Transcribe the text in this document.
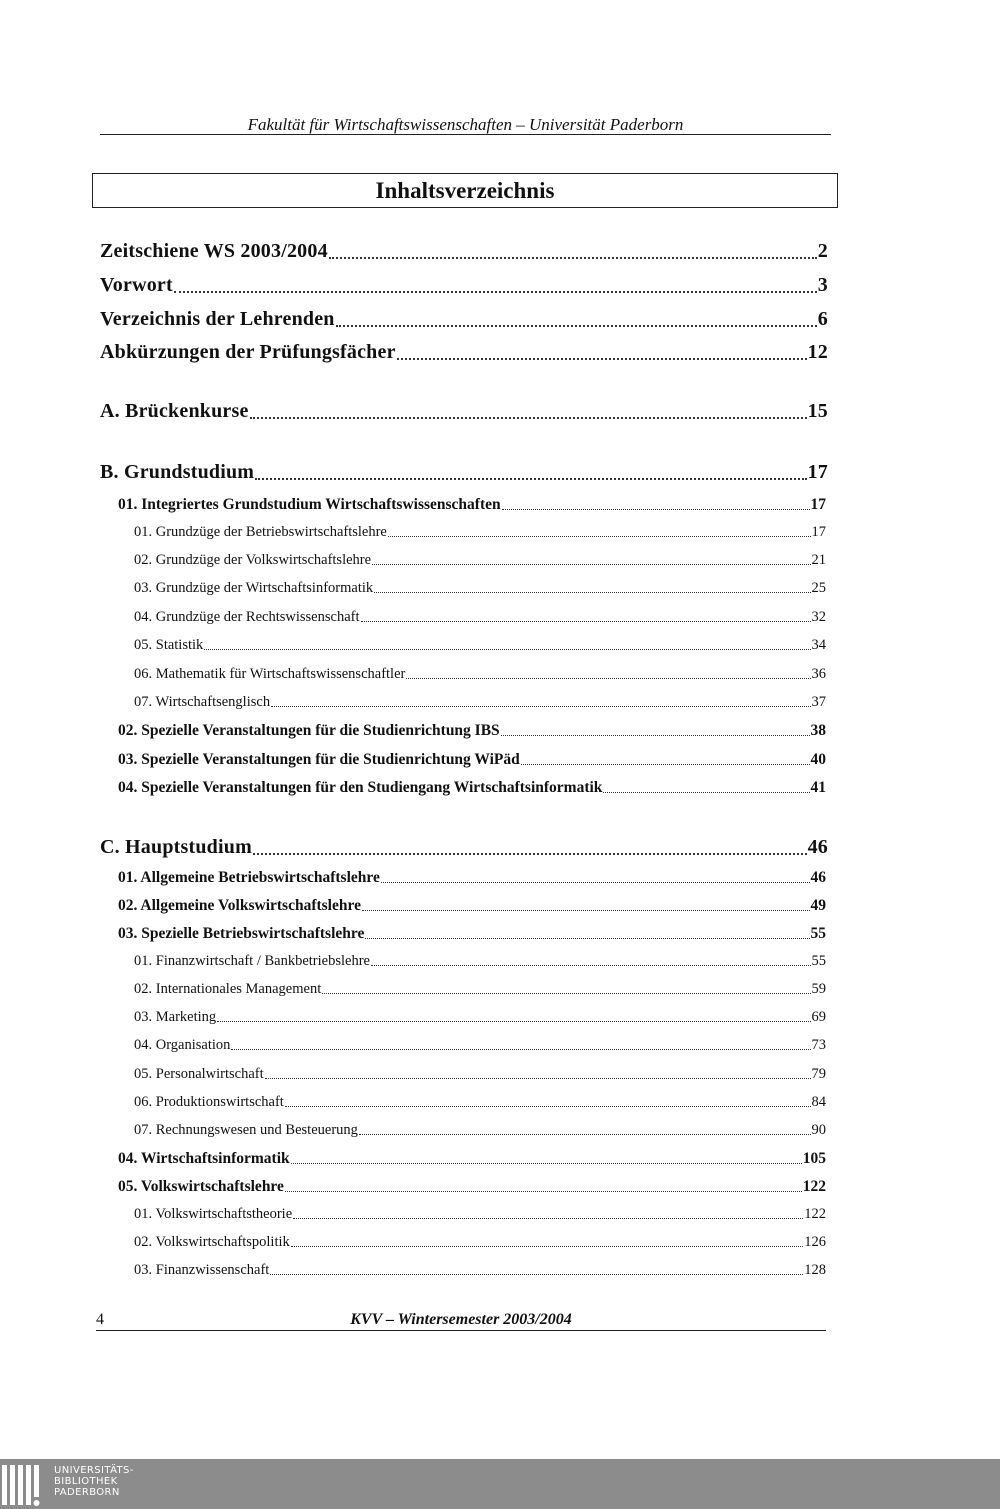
Fakultät für Wirtschaftswissenschaften – Universität Paderborn
Inhaltsverzeichnis
Zeitschiene WS 2003/2004	2
Vorwort	3
Verzeichnis der Lehrenden	6
Abkürzungen der Prüfungsfächer	12
A. Brückenkurse	15
B. Grundstudium	17
01. Integriertes Grundstudium Wirtschaftswissenschaften	17
01. Grundzüge der Betriebswirtschaftslehre	17
02. Grundzüge der Volkswirtschaftslehre	21
03. Grundzüge der Wirtschaftsinformatik	25
04. Grundzüge der Rechtswissenschaft	32
05. Statistik	34
06. Mathematik für Wirtschaftswissenschaftler	36
07. Wirtschaftsenglisch	37
02. Spezielle Veranstaltungen für die Studienrichtung IBS	38
03. Spezielle Veranstaltungen für die Studienrichtung WiPäd	40
04. Spezielle Veranstaltungen für den Studiengang Wirtschaftsinformatik	41
C. Hauptstudium	46
01. Allgemeine Betriebswirtschaftslehre	46
02. Allgemeine Volkswirtschaftslehre	49
03. Spezielle Betriebswirtschaftslehre	55
01. Finanzwirtschaft / Bankbetriebslehre	55
02. Internationales Management	59
03. Marketing	69
04. Organisation	73
05. Personalwirtschaft	79
06. Produktionswirtschaft	84
07. Rechnungswesen und Besteuerung	90
04. Wirtschaftsinformatik	105
05. Volkswirtschaftslehre	122
01. Volkswirtschaftstheorie	122
02. Volkswirtschaftspolitik	126
03. Finanzwissenschaft	128
4	KVV – Wintersemester 2003/2004
UNIVERSITÄTS-
BIBLIOTHEK
PADERBORN
